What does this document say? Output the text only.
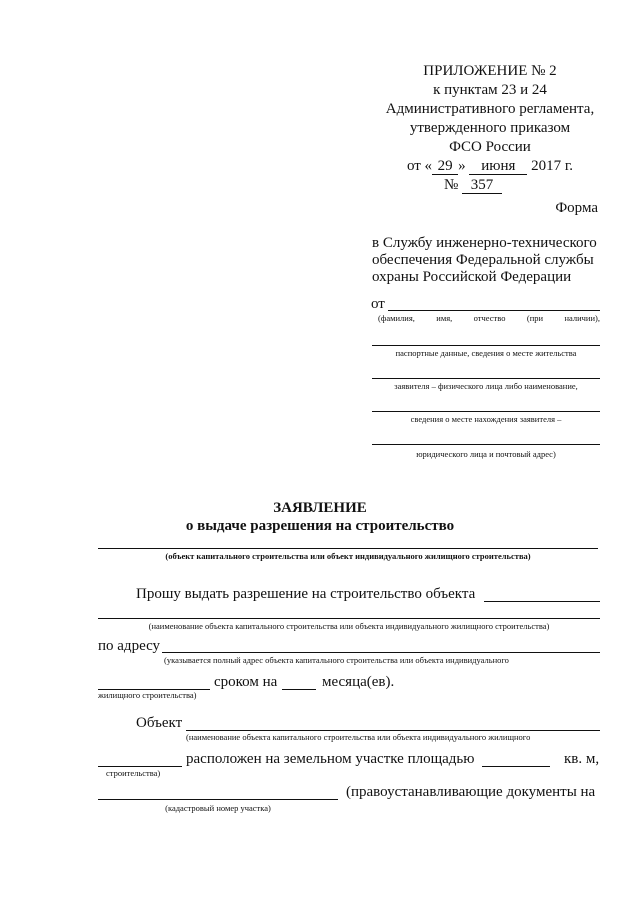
ПРИЛОЖЕНИЕ № 2
к пунктам 23 и 24
Административного регламента,
утвержденного приказом
ФСО России
от « 29 » июня 2017 г.
№ 357
Форма
в Службу инженерно-технического обеспечения Федеральной службы охраны Российской Федерации
от
(фамилия,	имя,	отчество	(при	наличии),
паспортные данные, сведения о месте жительства
заявителя – физического лица либо наименование,
сведения о месте нахождения заявителя –
юридического лица и почтовый адрес)
ЗАЯВЛЕНИЕ
о выдаче разрешения на строительство
(объект капитального строительства или объект индивидуального жилищного строительства)
Прошу выдать разрешение на строительство объекта
(наименование объекта капитального строительства или объекта индивидуального жилищного строительства)
по адресу
(указывается полный адрес объекта капитального строительства или объекта индивидуального
жилищного строительства)
сроком на	месяца(ев).
Объект
(наименование объекта капитального строительства или объекта индивидуального жилищного
строительства)
расположен на земельном участке площадью	кв. м,
(кадастровый номер участка)
(правоустанавливающие документы на
